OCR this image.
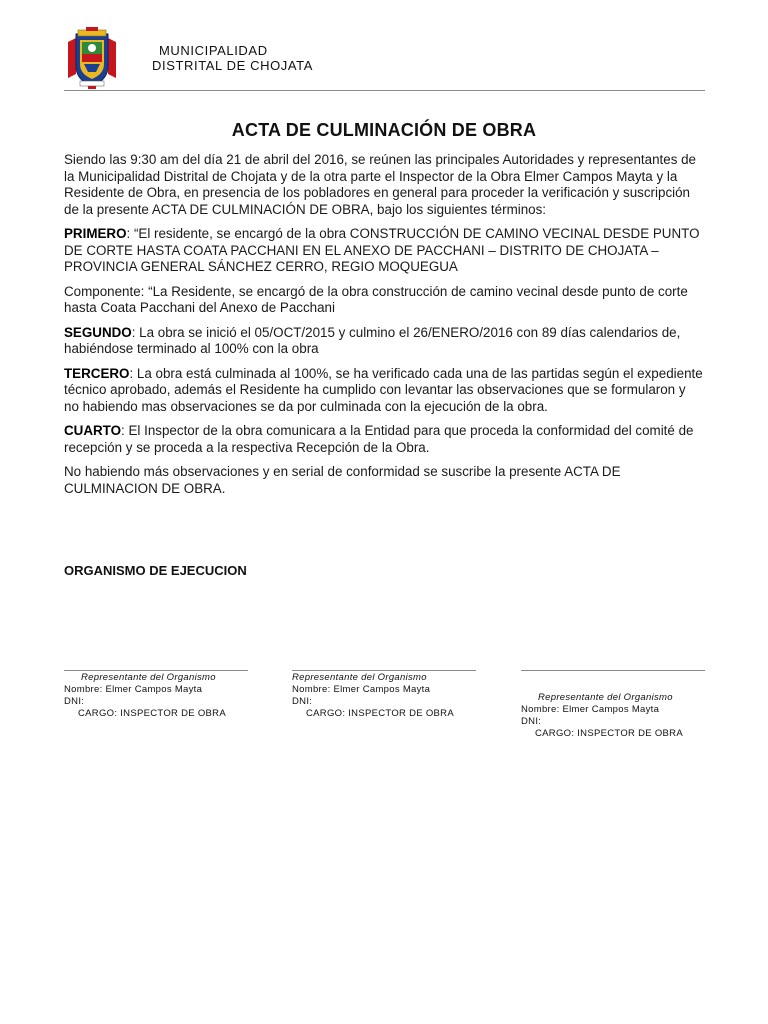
MUNICIPALIDAD
DISTRITAL DE CHOJATA
ACTA DE CULMINACIÓN DE OBRA

Siendo las 9:30 am del día 21 de abril del 2016, se reúnen las principales Autoridades y representantes de la Municipalidad Distrital de Chojata y de la otra parte el Inspector de la Obra Elmer Campos Mayta y la Residente de Obra, en presencia de los pobladores en general para proceder la verificación y suscripción de la presente ACTA DE CULMINACIÓN DE OBRA, bajo los siguientes términos:

PRIMERO: “El residente, se encargó de la obra CONSTRUCCIÓN DE CAMINO VECINAL DESDE PUNTO DE CORTE HASTA COATA PACCHANI EN EL ANEXO DE PACCHANI – DISTRITO DE CHOJATA – PROVINCIA GENERAL SÁNCHEZ CERRO, REGIO MOQUEGUA

Componente: “La Residente, se encargó de la obra construcción de camino vecinal desde punto de corte hasta Coata Pacchani del Anexo de Pacchani

SEGUNDO: La obra se inició el 05/OCT/2015 y culmino el 26/ENERO/2016 con 89 días calendarios de, habiéndose terminado al 100% con la obra

TERCERO: La obra está culminada al 100%, se ha verificado cada una de las partidas según el expediente técnico aprobado, además el Residente ha cumplido con levantar las observaciones que se formularon y no habiendo mas observaciones se da por culminada con la ejecución de la obra.

CUARTO: El Inspector de la obra comunicara a la Entidad para que proceda la conformidad del comité de recepción y se proceda a la respectiva Recepción de la Obra.

No habiendo más observaciones y en serial de conformidad se suscribe la presente ACTA DE CULMINACION DE OBRA.

ORGANISMO DE EJECUCION
Representante del Organismo
Nombre: Elmer Campos Mayta
DNI:
CARGO: INSPECTOR DE OBRA
Representante del Organismo
Nombre: Elmer Campos Mayta
DNI:
CARGO: INSPECTOR DE OBRA
Representante del Organismo
Nombre: Elmer Campos Mayta
DNI:
CARGO: INSPECTOR DE OBRA
